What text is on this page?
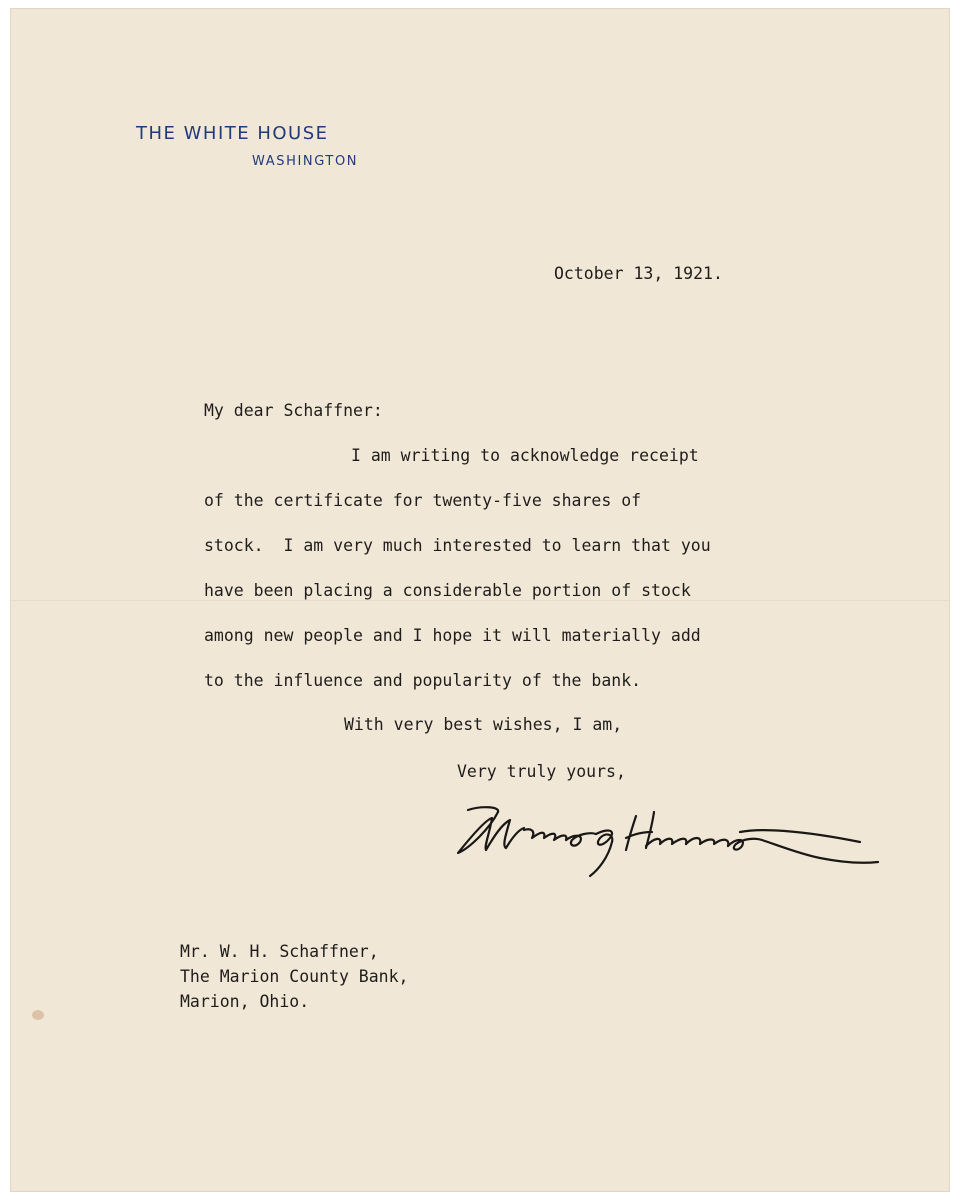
THE WHITE HOUSE
WASHINGTON
October 13, 1921.
My dear Schaffner:
I am writing to acknowledge receipt
of the certificate for twenty-five shares of
stock.  I am very much interested to learn that you
have been placing a considerable portion of stock
among new people and I hope it will materially add
to the influence and popularity of the bank.
With very best wishes, I am,
Very truly yours,
Mr. W. H. Schaffner,
The Marion County Bank,
Marion, Ohio.
